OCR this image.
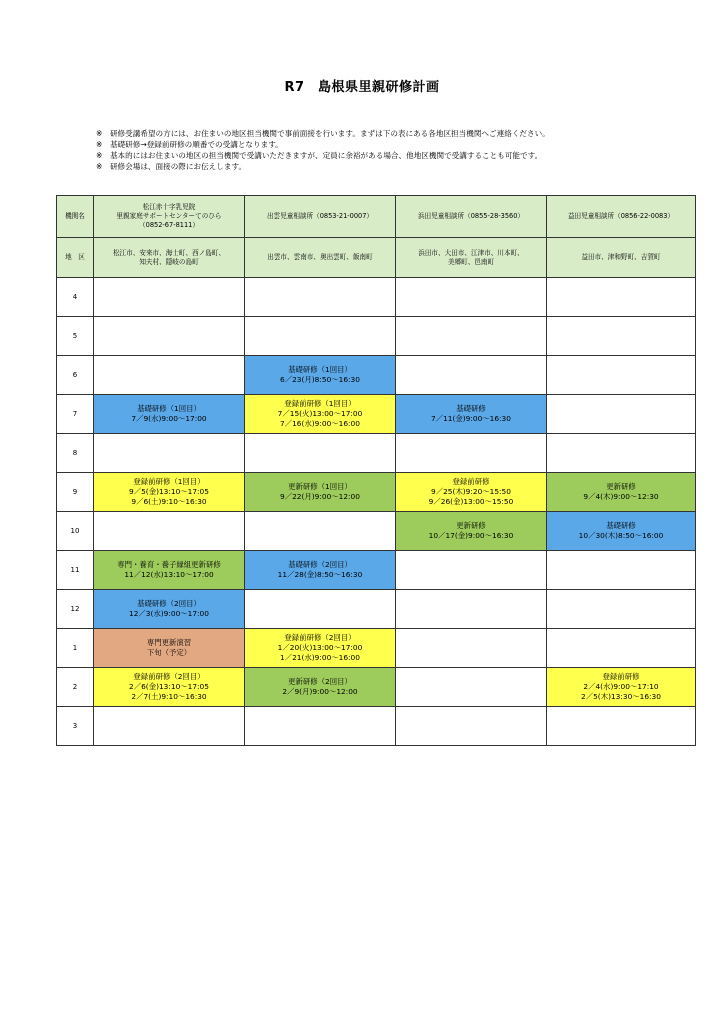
R7　島根県里親研修計画
※　研修受講希望の方には、お住まいの地区担当機関で事前面接を行います。まずは下の表にある各地区担当機関へご連絡ください。
※　基礎研修→登録前研修の順番での受講となります。
※　基本的にはお住まいの地区の担当機関で受講いただきますが、定員に余裕がある場合、他地区機関で受講することも可能です。
※　研修会場は、面接の際にお伝えします。
機関名	松江赤十字乳児院
里親家庭サポートセンターてのひら
（0852-67-8111）	出雲児童相談所（0853-21-0007）	浜田児童相談所（0855-28-3560）	益田児童相談所（0856-22-0083）

地　区	松江市、安来市、海士町、西ノ島町、
知夫村、隠岐の島町	出雲市、雲南市、奥出雲町、飯南町	浜田市、大田市、江津市、川本町、
美郷町、邑南町	益田市、津和野町、吉賀町

4				
5				
6		基礎研修（1回目）
6／23(月)8:50～16:30		

7	基礎研修（1回目）
7／9(水)9:00～17:00	登録前研修（1回目）
7／15(火)13:00～17:00
7／16(水)9:00～16:00	基礎研修
7／11(金)9:00～16:30	

8				
9	登録前研修（1回目）
9／5(金)13:10～17:05
9／6(土)9:10～16:30	更新研修（1回目）
9／22(月)9:00～12:00	登録前研修
9／25(木)9:20～15:50
9／26(金)13:00～15:50	更新研修
9／4(木)9:00～12:30

10			更新研修
10／17(金)9:00～16:30	基礎研修
10／30(木)8:50～16:00

11	専門・養育・養子縁組更新研修
11／12(水)13:10～17:00	基礎研修（2回目）
11／28(金)8:50～16:30		

12	基礎研修（2回目）
12／3(水)9:00～17:00			

1	専門更新演習
下旬（予定）	登録前研修（2回目）
1／20(火)13:00～17:00
1／21(水)9:00～16:00		

2	登録前研修（2回目）
2／6(金)13:10～17:05
2／7(土)9:10～16:30	更新研修（2回目）
2／9(月)9:00～12:00		登録前研修
2／4(水)9:00～17:10
2／5(木)13:30～16:30

3				
